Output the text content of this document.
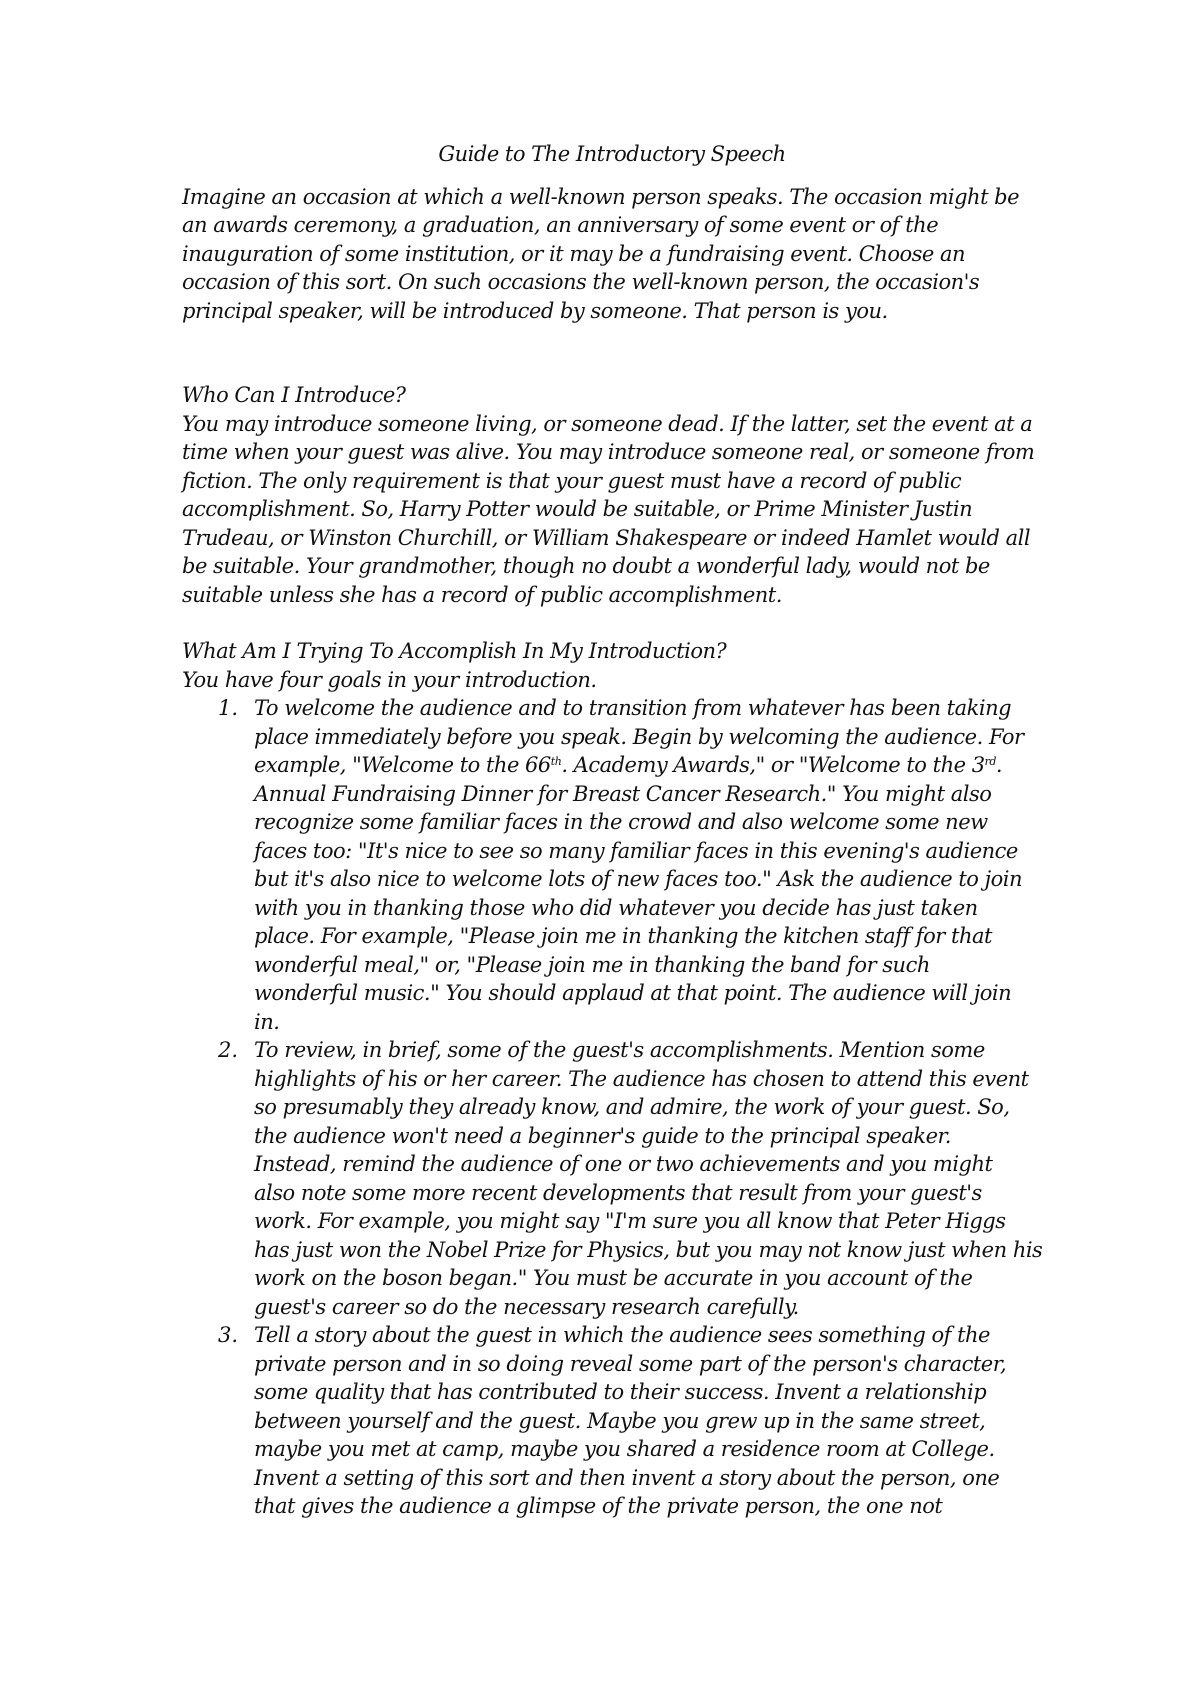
Guide to The Introductory Speech
Imagine an occasion at which a well-known person speaks. The occasion might be
an awards ceremony, a graduation, an anniversary of some event or of the
inauguration of some institution, or it may be a fundraising event. Choose an
occasion of this sort. On such occasions the well-known person, the occasion's
principal speaker, will be introduced by someone. That person is you.
Who Can I Introduce?
You may introduce someone living, or someone dead. If the latter, set the event at a
time when your guest was alive. You may introduce someone real, or someone from
fiction. The only requirement is that your guest must have a record of public
accomplishment. So, Harry Potter would be suitable, or Prime Minister Justin
Trudeau, or Winston Churchill, or William Shakespeare or indeed Hamlet would all
be suitable. Your grandmother, though no doubt a wonderful lady, would not be
suitable unless she has a record of public accomplishment.
What Am I Trying To Accomplish In My Introduction?
You have four goals in your introduction.
1. To welcome the audience and to transition from whatever has been taking
place immediately before you speak. Begin by welcoming the audience. For
example, "Welcome to the 66th. Academy Awards," or "Welcome to the 3rd.
Annual Fundraising Dinner for Breast Cancer Research." You might also
recognize some familiar faces in the crowd and also welcome some new
faces too: "It's nice to see so many familiar faces in this evening's audience
but it's also nice to welcome lots of new faces too." Ask the audience to join
with you in thanking those who did whatever you decide has just taken
place. For example, "Please join me in thanking the kitchen staff for that
wonderful meal," or, "Please join me in thanking the band for such
wonderful music." You should applaud at that point. The audience will join
in.
2. To review, in brief, some of the guest's accomplishments. Mention some
highlights of his or her career. The audience has chosen to attend this event
so presumably they already know, and admire, the work of your guest. So,
the audience won't need a beginner's guide to the principal speaker.
Instead, remind the audience of one or two achievements and you might
also note some more recent developments that result from your guest's
work. For example, you might say "I'm sure you all know that Peter Higgs
has just won the Nobel Prize for Physics, but you may not know just when his
work on the boson began." You must be accurate in you account of the
guest's career so do the necessary research carefully.
3. Tell a story about the guest in which the audience sees something of the
private person and in so doing reveal some part of the person's character,
some quality that has contributed to their success. Invent a relationship
between yourself and the guest. Maybe you grew up in the same street,
maybe you met at camp, maybe you shared a residence room at College.
Invent a setting of this sort and then invent a story about the person, one
that gives the audience a glimpse of the private person, the one not
